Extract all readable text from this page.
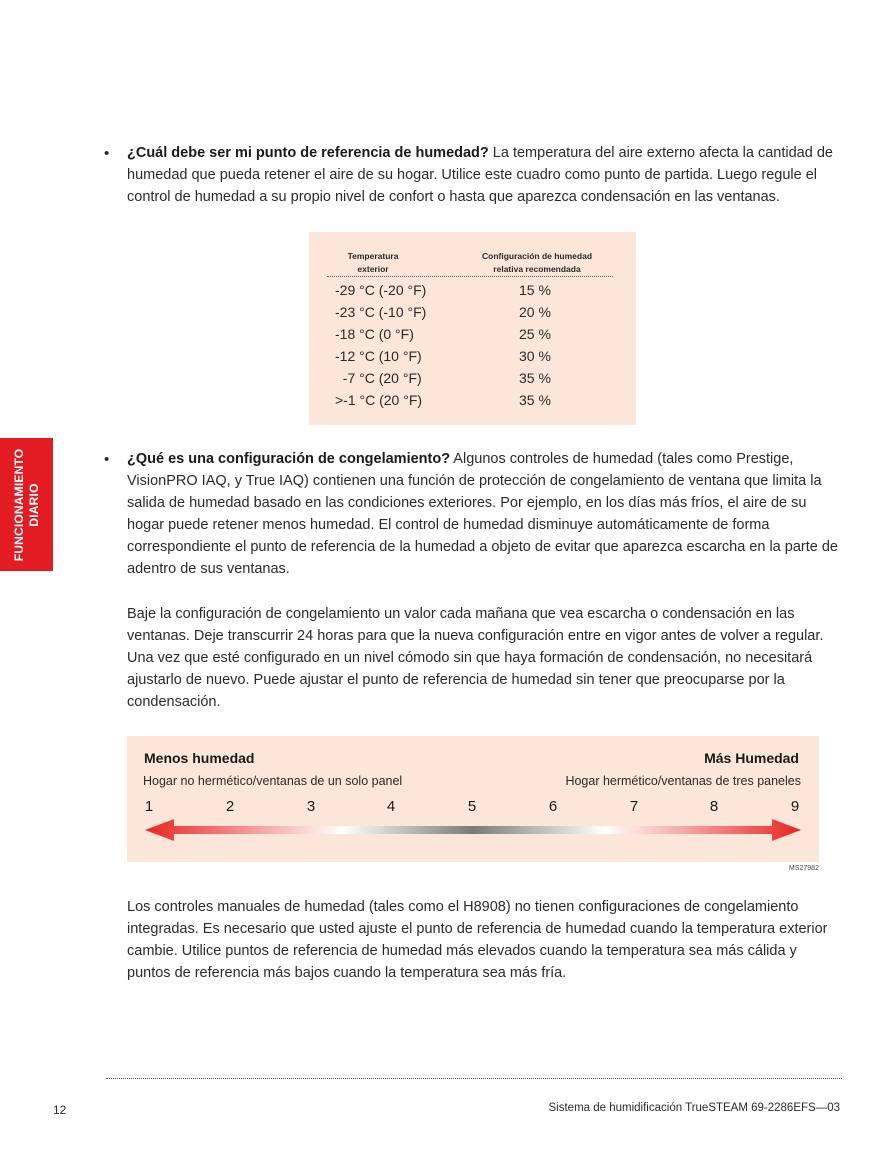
FUNCIONAMIENTO
DIARIO
• ¿Cuál debe ser mi punto de referencia de humedad? La temperatura del aire externo afecta la cantidad de humedad que pueda retener el aire de su hogar. Utilice este cuadro como punto de partida. Luego regule el control de humedad a su propio nivel de confort o hasta que aparezca condensación en las ventanas.

Temperatura
exterior
Configuración de humedad
relativa recomendada
-29 °C (-20 °F)	15 %
-23 °C (-10 °F)	20 %
-18 °C (0 °F)	25 %
-12 °C (10 °F)	30 %
-7 °C (20 °F)	35 %
>-1 °C (20 °F)	35 %
• ¿Qué es una configuración de congelamiento? Algunos controles de humedad (tales como Prestige, VisionPRO IAQ, y True IAQ) contienen una función de protección de congelamiento de ventana que limita la salida de humedad basado en las condiciones exteriores. Por ejemplo, en los días más fríos, el aire de su hogar puede retener menos humedad. El control de humedad disminuye automáticamente de forma correspondiente el punto de referencia de la humedad a objeto de evitar que aparezca escarcha en la parte de adentro de sus ventanas.

Baje la configuración de congelamiento un valor cada mañana que vea escarcha o condensación en las ventanas. Deje transcurrir 24 horas para que la nueva configuración entre en vigor antes de volver a regular. Una vez que esté configurado en un nivel cómodo sin que haya formación de condensación, no necesitará ajustarlo de nuevo. Puede ajustar el punto de referencia de humedad sin tener que preocuparse por la condensación.

Menos humedad	Más Humedad
Hogar no hermético/ventanas de un solo panel	Hogar hermético/ventanas de tres paneles
1	2	3	4	5	6	7	8	9
MS27982

Los controles manuales de humedad (tales como el H8908) no tienen configuraciones de congelamiento integradas. Es necesario que usted ajuste el punto de referencia de humedad cuando la temperatura exterior cambie. Utilice puntos de referencia de humedad más elevados cuando la temperatura sea más cálida y puntos de referencia más bajos cuando la temperatura sea más fría.

12	Sistema de humidificación TrueSTEAM 69-2286EFS—03
